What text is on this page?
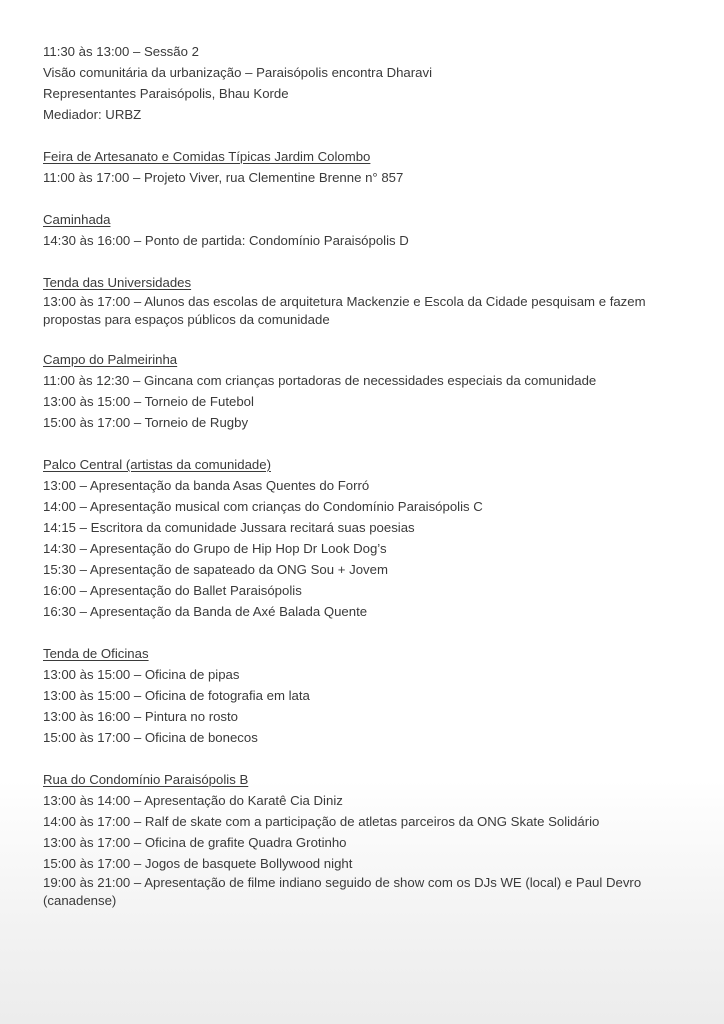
11:30 às 13:00 – Sessão 2

Visão comunitária da urbanização – Paraisópolis encontra Dharavi

Representantes Paraisópolis, Bhau Korde

Mediador: URBZ

Feira de Artesanato e Comidas Típicas Jardim Colombo

11:00 às 17:00 – Projeto Viver, rua Clementine Brenne n° 857

Caminhada

14:30 às 16:00 – Ponto de partida: Condomínio Paraisópolis D

Tenda das Universidades

13:00 às 17:00 – Alunos das escolas de arquitetura Mackenzie e Escola da Cidade pesquisam e fazem propostas para espaços públicos da comunidade

Campo do Palmeirinha

11:00 às 12:30 – Gincana com crianças portadoras de necessidades especiais da comunidade

13:00 às 15:00 – Torneio de Futebol

15:00 às 17:00 – Torneio de Rugby

Palco Central (artistas da comunidade)

13:00 – Apresentação da banda Asas Quentes do Forró

14:00 – Apresentação musical com crianças do Condomínio Paraisópolis C

14:15 – Escritora da comunidade Jussara recitará suas poesias

14:30 – Apresentação do Grupo de Hip Hop Dr Look Dog’s

15:30 – Apresentação de sapateado da ONG Sou + Jovem

16:00 – Apresentação do Ballet Paraisópolis

16:30 – Apresentação da Banda de Axé Balada Quente

Tenda de Oficinas

13:00 às 15:00 – Oficina de pipas

13:00 às 15:00 – Oficina de fotografia em lata

13:00 às 16:00 – Pintura no rosto

15:00 às 17:00 – Oficina de bonecos

Rua do Condomínio Paraisópolis B

13:00 às 14:00 – Apresentação do Karatê Cia Diniz

14:00 às 17:00 – Ralf de skate com a participação de atletas parceiros da ONG Skate Solidário

13:00 às 17:00 – Oficina de grafite Quadra Grotinho

15:00 às 17:00 – Jogos de basquete Bollywood night

19:00 às 21:00 – Apresentação de filme indiano seguido de show com os DJs WE (local) e Paul Devro (canadense)
